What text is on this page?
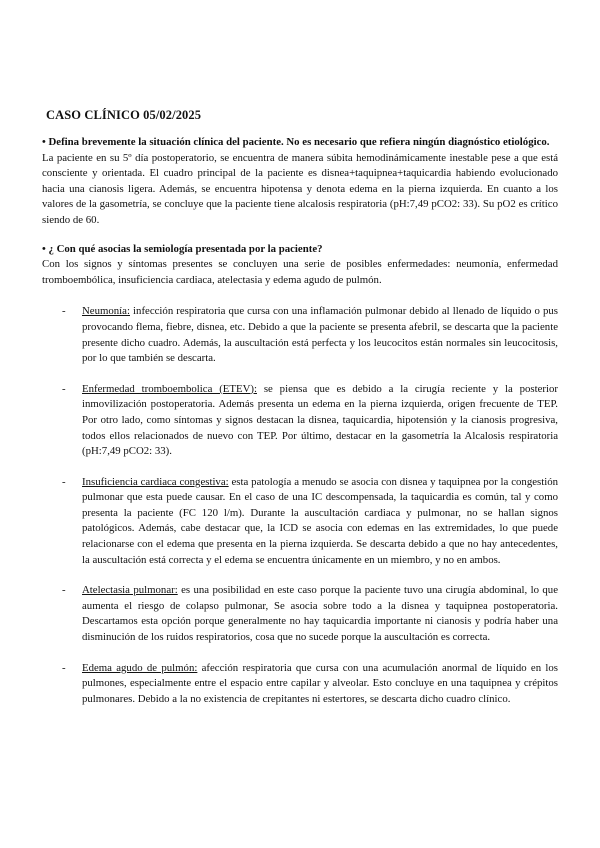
CASO CLÍNICO 05/02/2025

• Defina brevemente la situación clínica del paciente. No es necesario que refiera ningún diagnóstico etiológico.

La paciente en su 5º día postoperatorio, se encuentra de manera súbita hemodinámicamente inestable pese a que está consciente y orientada. El cuadro principal de la paciente es disnea+taquipnea+taquicardia habiendo evolucionado hacia una cianosis ligera. Además, se encuentra hipotensa y denota edema en la pierna izquierda. En cuanto a los valores de la gasometría, se concluye que la paciente tiene alcalosis respiratoria (pH:7,49 pCO2: 33). Su pO2 es crítico siendo de 60.

• ¿ Con qué asocias la semiología presentada por la paciente?

Con los signos y síntomas presentes se concluyen una serie de posibles enfermedades: neumonía, enfermedad tromboembólica, insuficiencia cardiaca, atelectasia y edema agudo de pulmón.

- Neumonía: infección respiratoria que cursa con una inflamación pulmonar debido al llenado de líquido o pus provocando flema, fiebre, disnea, etc. Debido a que la paciente se presenta afebril, se descarta que la paciente presente dicho cuadro. Además, la auscultación está perfecta y los leucocitos están normales sin leucocitosis, por lo que también se descarta.
- Enfermedad tromboembolica (ETEV): se piensa que es debido a la cirugía reciente y la posterior inmovilización postoperatoria. Además presenta un edema en la pierna izquierda, origen frecuente de TEP. Por otro lado, como síntomas y signos destacan la disnea, taquicardia, hipotensión y la cianosis progresiva, todos ellos relacionados de nuevo con TEP. Por último, destacar en la gasometría la Alcalosis respiratoria (pH:7,49 pCO2: 33).
- Insuficiencia cardiaca congestiva: esta patología a menudo se asocia con disnea y taquipnea por la congestión pulmonar que esta puede causar. En el caso de una IC descompensada, la taquicardia es común, tal y como presenta la paciente (FC 120 l/m). Durante la auscultación cardiaca y pulmonar, no se hallan signos patológicos. Además, cabe destacar que, la ICD se asocia con edemas en las extremidades, lo que puede relacionarse con el edema que presenta en la pierna izquierda. Se descarta debido a que no hay antecedentes, la auscultación está correcta y el edema se encuentra únicamente en un miembro, y no en ambos.
- Atelectasia pulmonar: es una posibilidad en este caso porque la paciente tuvo una cirugía abdominal, lo que aumenta el riesgo de colapso pulmonar, Se asocia sobre todo a la disnea y taquipnea postoperatoria. Descartamos esta opción porque generalmente no hay taquicardia importante ni cianosis y podría haber una disminución de los ruidos respiratorios, cosa que no sucede porque la auscultación es correcta.
- Edema agudo de pulmón: afección respiratoria que cursa con una acumulación anormal de líquido en los pulmones, especialmente entre el espacio entre capilar y alveolar. Esto concluye en una taquipnea y crépitos pulmonares. Debido a la no existencia de crepitantes ni estertores, se descarta dicho cuadro clínico.
